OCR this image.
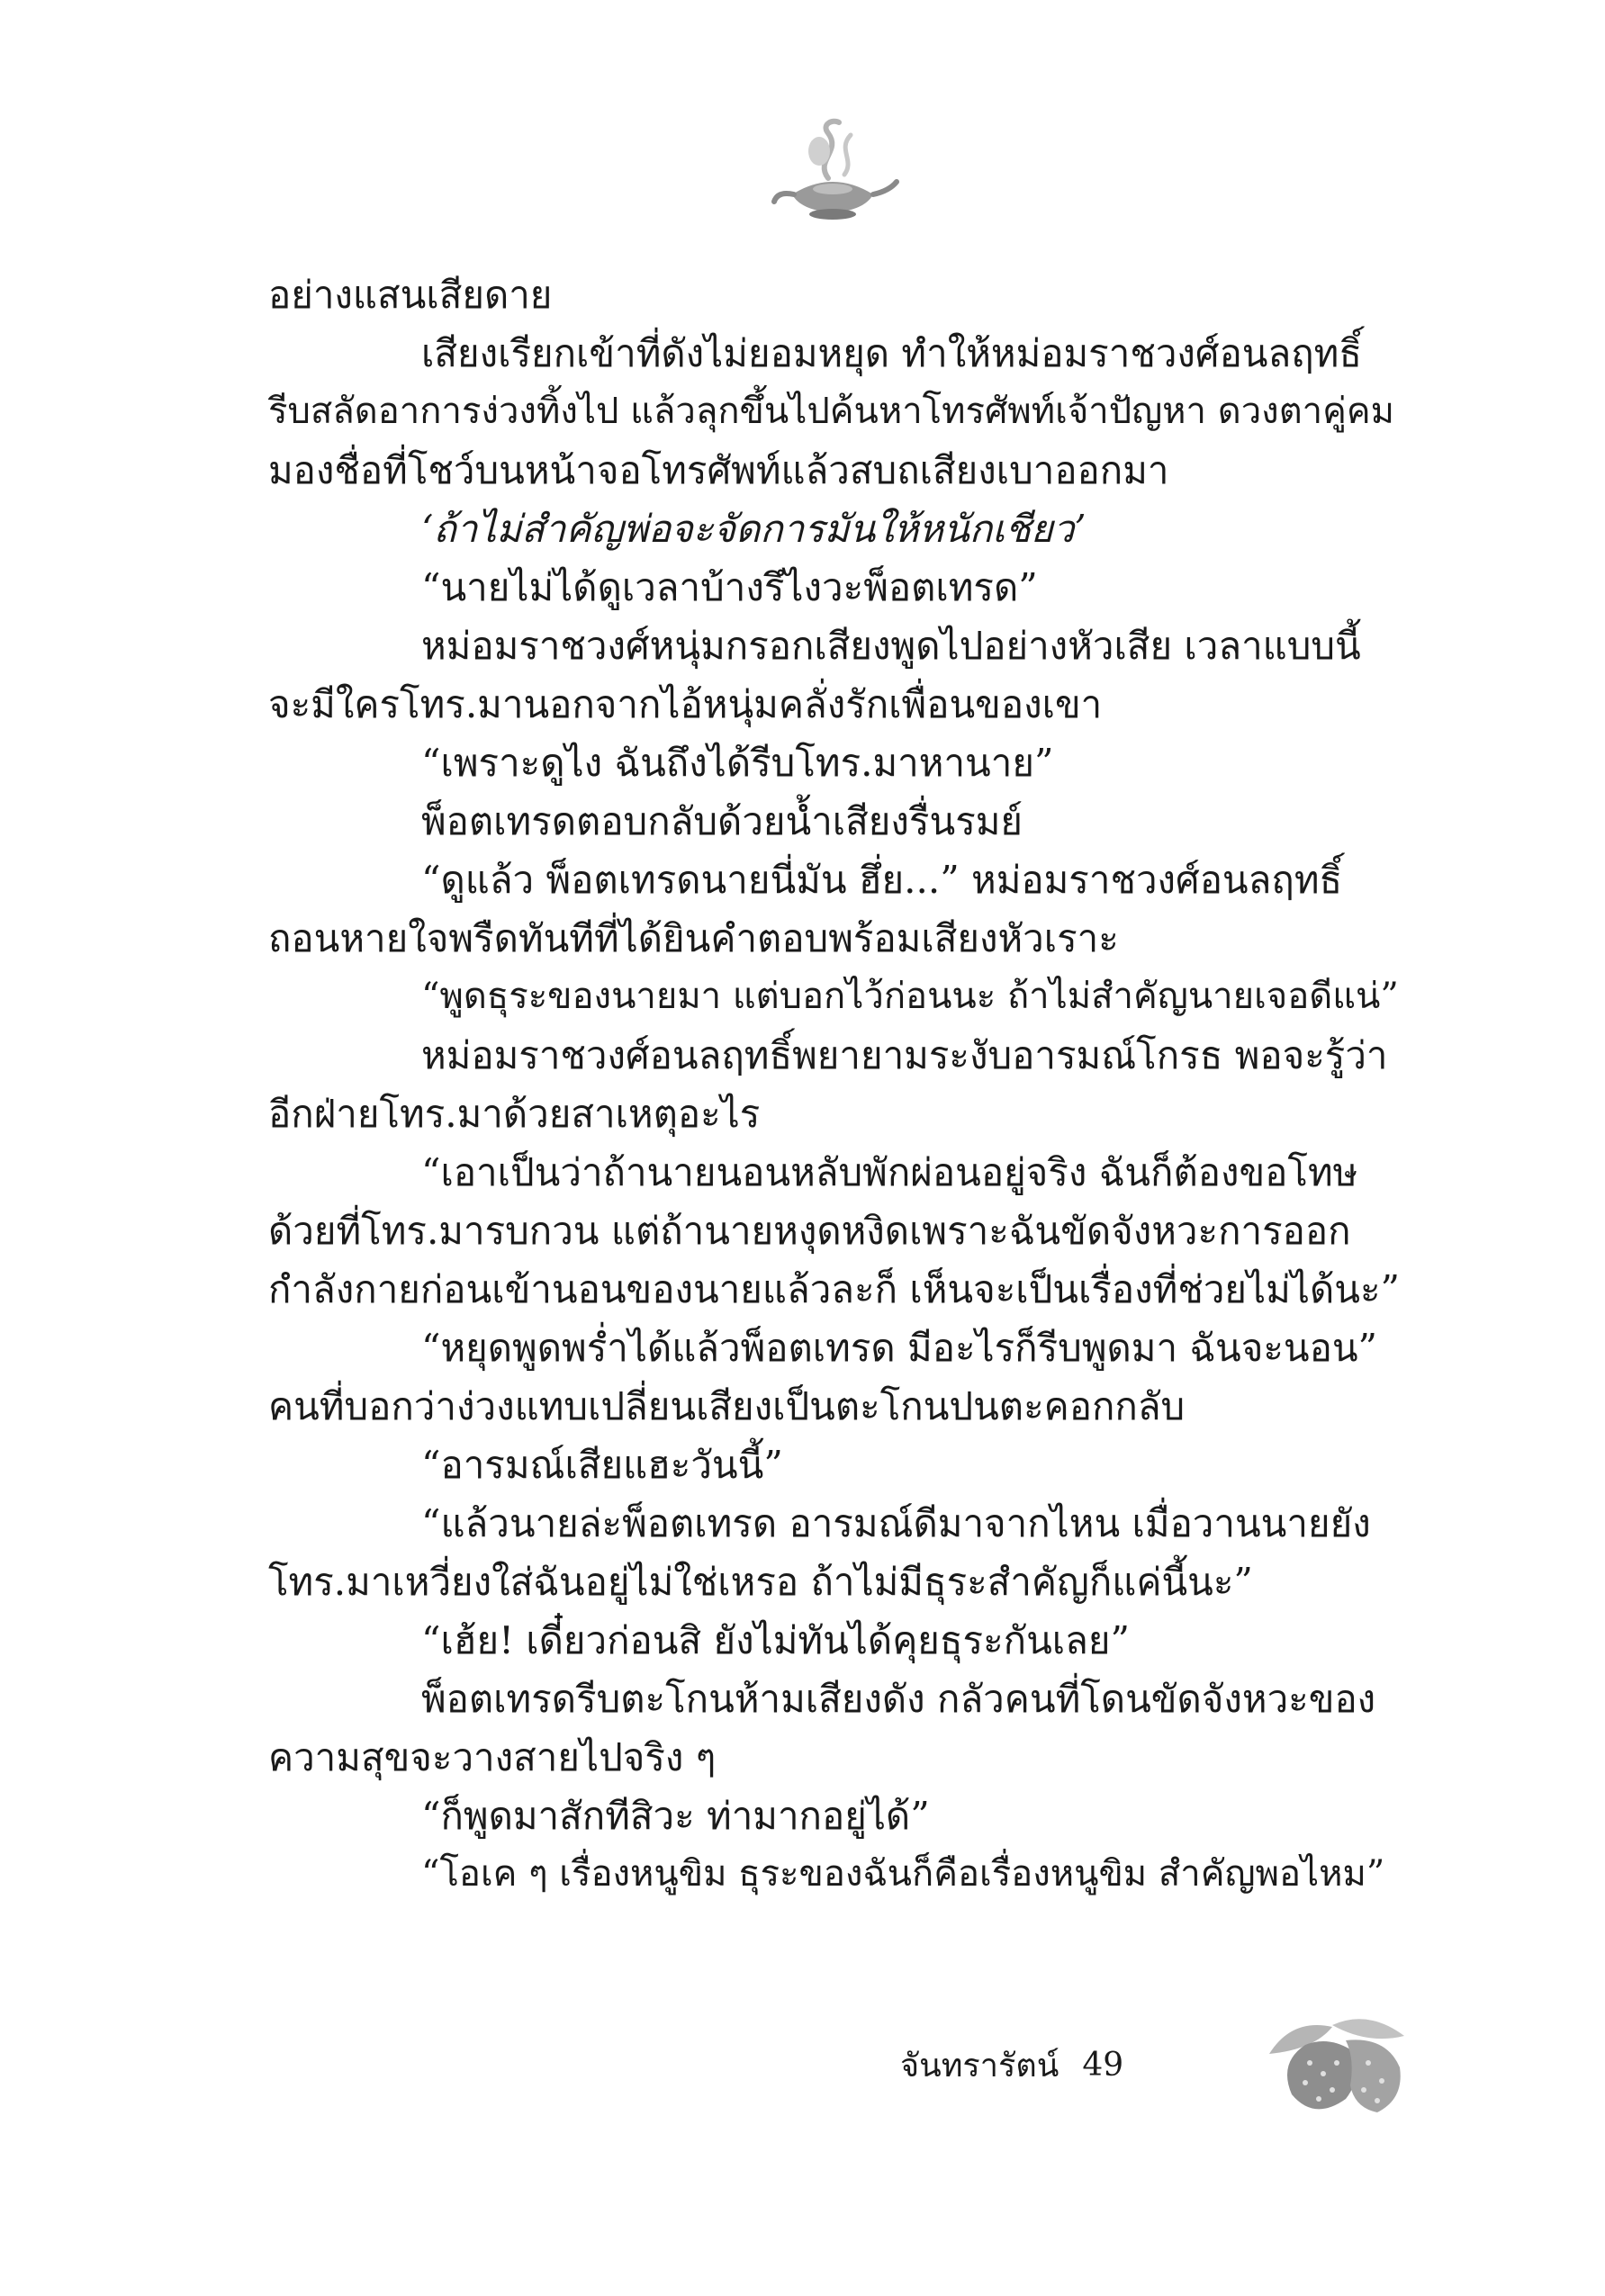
อย่างแสนเสียดาย
เสียงเรียกเข้าที่ดังไม่ยอมหยุด ทำให้หม่อมราชวงศ์อนลฤทธิ์
รีบสลัดอาการง่วงทิ้งไป แล้วลุกขึ้นไปค้นหาโทรศัพท์เจ้าปัญหา ดวงตาคู่คม
มองชื่อที่โชว์บนหน้าจอโทรศัพท์แล้วสบถเสียงเบาออกมา
‘ถ้าไม่สำคัญพ่อจะจัดการมันให้หนักเชียว’
“นายไม่ได้ดูเวลาบ้างรึไงวะพ็อตเทรด”
หม่อมราชวงศ์หนุ่มกรอกเสียงพูดไปอย่างหัวเสีย เวลาแบบนี้
จะมีใครโทร.มานอกจากไอ้หนุ่มคลั่งรักเพื่อนของเขา
“เพราะดูไง ฉันถึงได้รีบโทร.มาหานาย”
พ็อตเทรดตอบกลับด้วยน้ำเสียงรื่นรมย์
“ดูแล้ว พ็อตเทรดนายนี่มัน ฮึ่ย...” หม่อมราชวงศ์อนลฤทธิ์
ถอนหายใจพรืดทันทีที่ได้ยินคำตอบพร้อมเสียงหัวเราะ
“พูดธุระของนายมา แต่บอกไว้ก่อนนะ ถ้าไม่สำคัญนายเจอดีแน่”
หม่อมราชวงศ์อนลฤทธิ์พยายามระงับอารมณ์โกรธ พอจะรู้ว่า
อีกฝ่ายโทร.มาด้วยสาเหตุอะไร
“เอาเป็นว่าถ้านายนอนหลับพักผ่อนอยู่จริง ฉันก็ต้องขอโทษ
ด้วยที่โทร.มารบกวน แต่ถ้านายหงุดหงิดเพราะฉันขัดจังหวะการออก
กำลังกายก่อนเข้านอนของนายแล้วละก็ เห็นจะเป็นเรื่องที่ช่วยไม่ได้นะ”
“หยุดพูดพร่ำได้แล้วพ็อตเทรด มีอะไรก็รีบพูดมา ฉันจะนอน”
คนที่บอกว่าง่วงแทบเปลี่ยนเสียงเป็นตะโกนปนตะคอกกลับ
“อารมณ์เสียแฮะวันนี้”
“แล้วนายล่ะพ็อตเทรด อารมณ์ดีมาจากไหน เมื่อวานนายยัง
โทร.มาเหวี่ยงใส่ฉันอยู่ไม่ใช่เหรอ ถ้าไม่มีธุระสำคัญก็แค่นี้นะ”
“เฮ้ย! เดี๋ยวก่อนสิ ยังไม่ทันได้คุยธุระกันเลย”
พ็อตเทรดรีบตะโกนห้ามเสียงดัง กลัวคนที่โดนขัดจังหวะของ
ความสุขจะวางสายไปจริง ๆ
“ก็พูดมาสักทีสิวะ ท่ามากอยู่ได้”
“โอเค ๆ เรื่องหนูขิม ธุระของฉันก็คือเรื่องหนูขิม สำคัญพอไหม”
จันทรารัตน์ 49
